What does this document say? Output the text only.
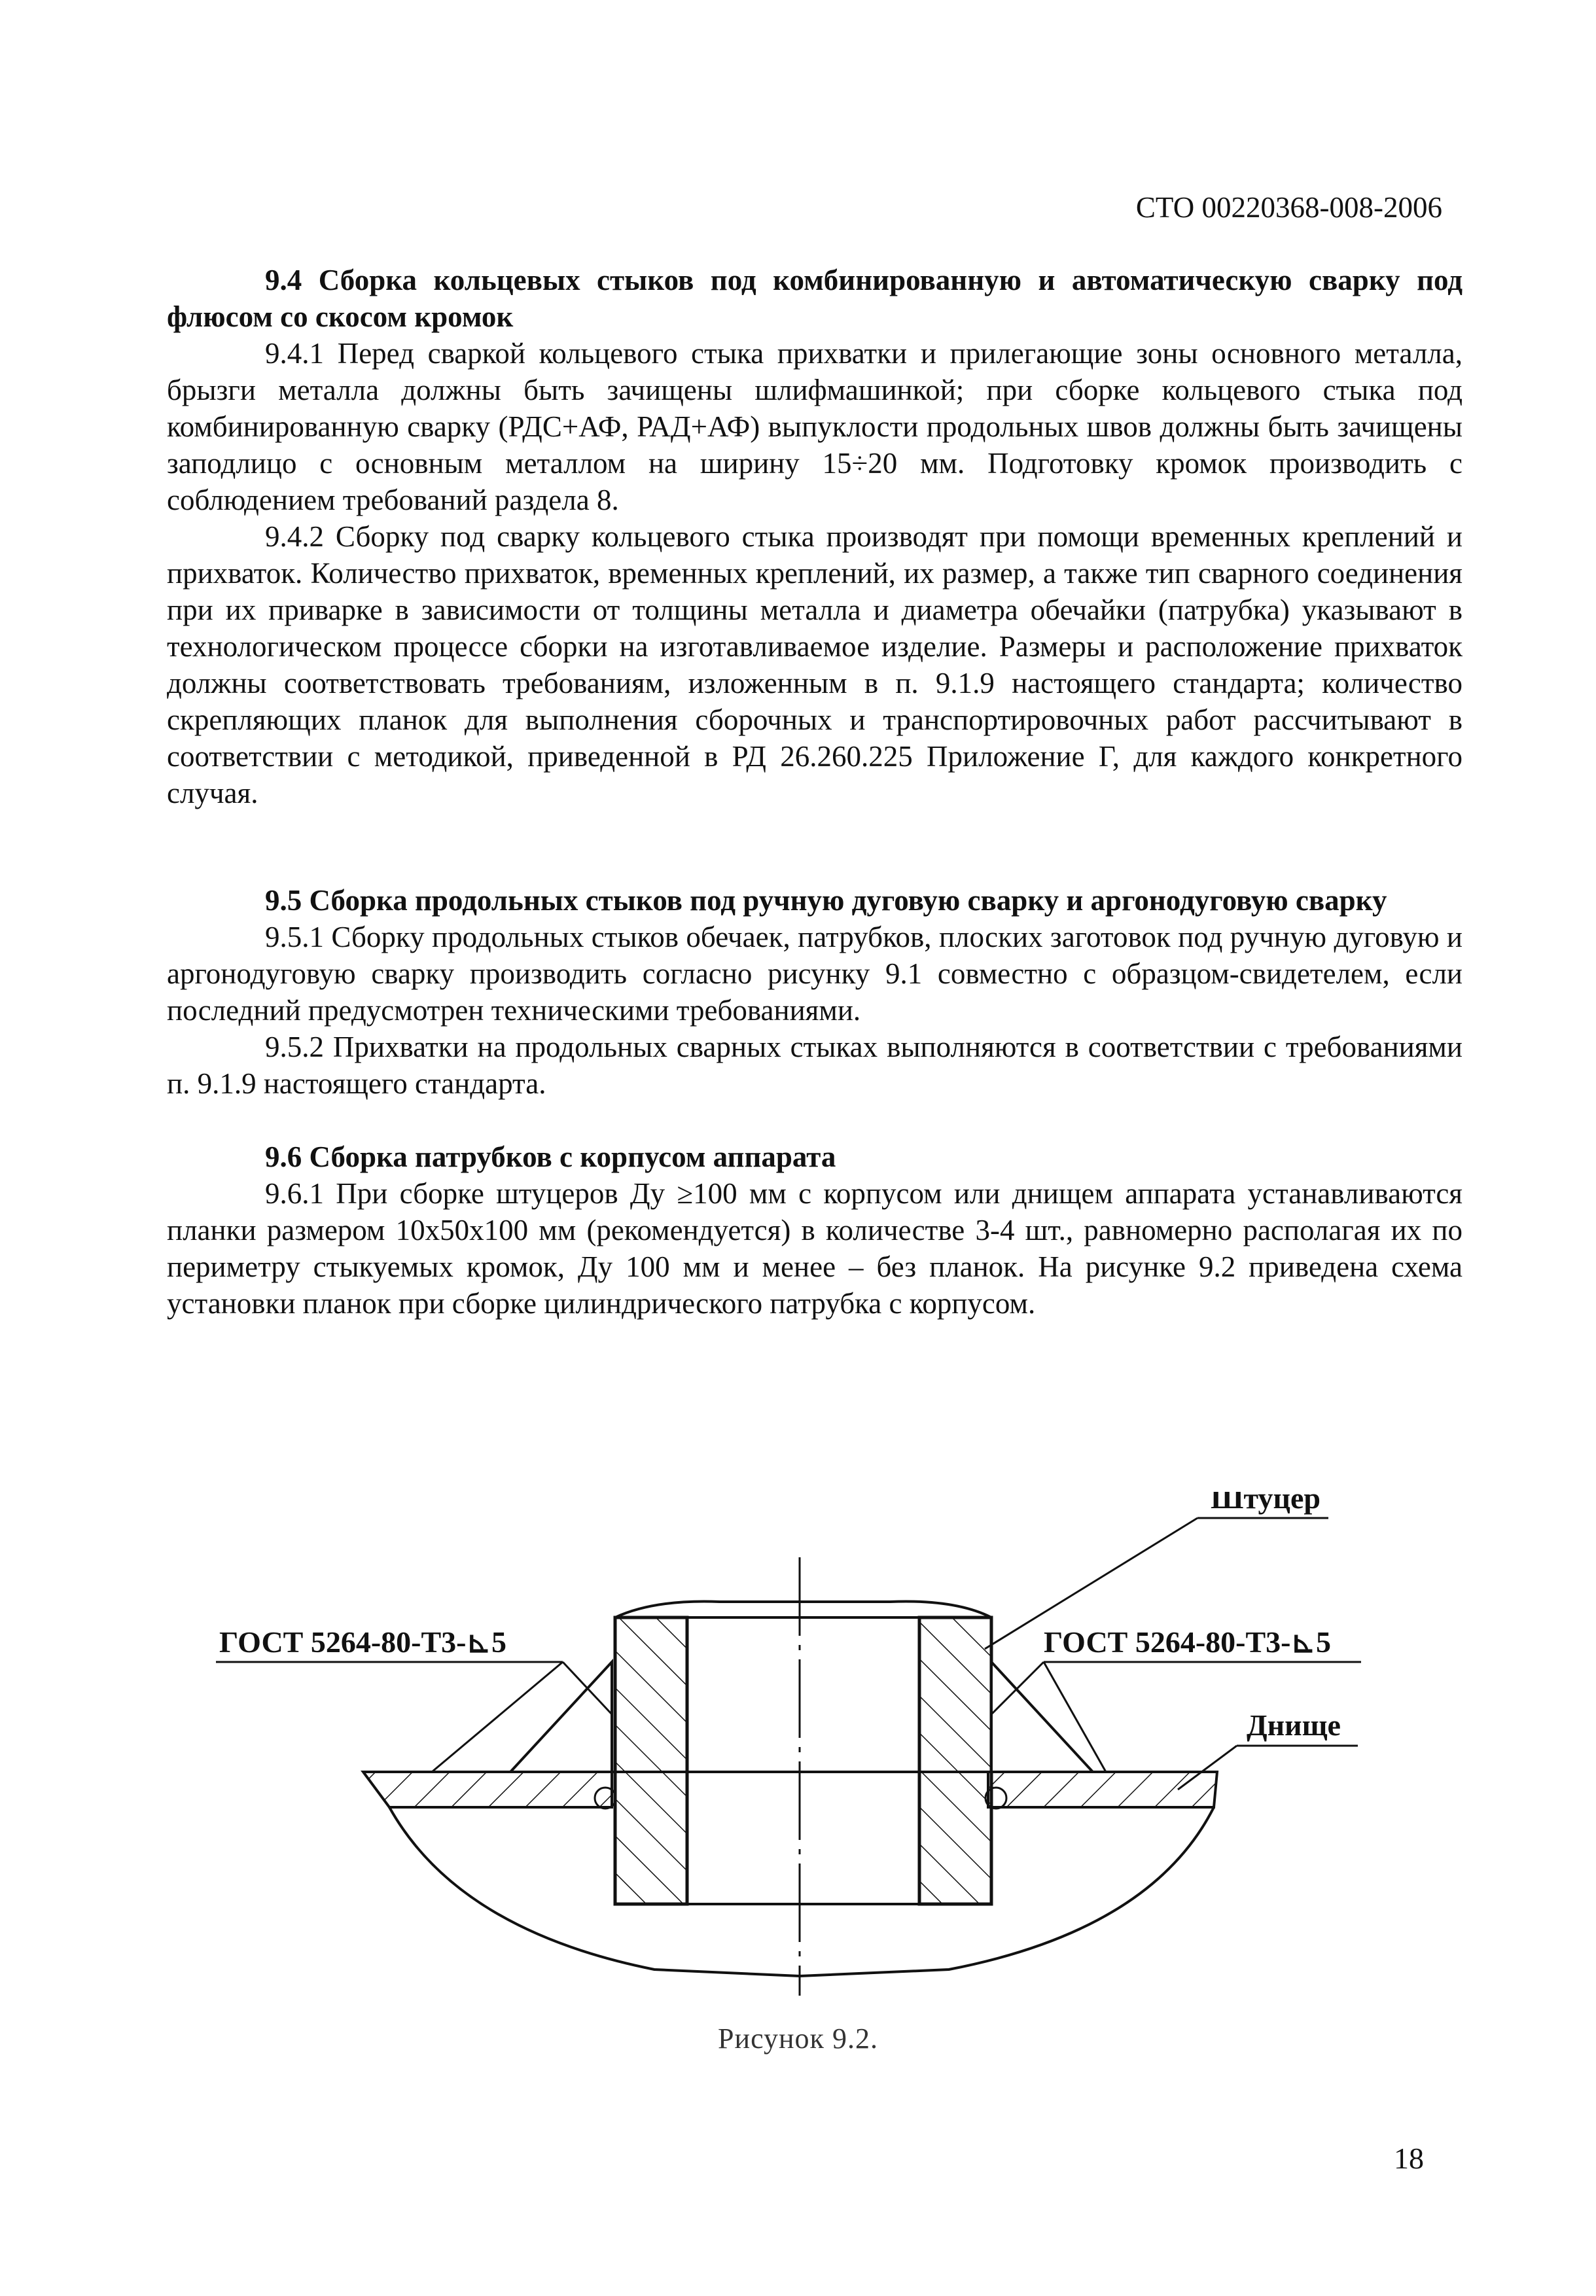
СТО 00220368-008-2006
9.4 Сборка кольцевых стыков под комбинированную и автоматическую сварку под флюсом со скосом кромок

9.4.1 Перед сваркой кольцевого стыка прихватки и прилегающие зоны основного металла, брызги металла должны быть зачищены шлифмашинкой; при сборке кольцевого стыка под комбинированную сварку (РДС+АФ, РАД+АФ) выпуклости продольных швов должны быть зачищены заподлицо с основным металлом на ширину 15÷20 мм. Подготовку кромок производить с соблюдением требований раздела 8.

9.4.2 Сборку под сварку кольцевого стыка производят при помощи временных креплений и прихваток. Количество прихваток, временных креплений, их размер, а также тип сварного соединения при их приварке в зависимости от толщины металла и диаметра обечайки (патрубка) указывают в технологическом процессе сборки на изготавливаемое изделие. Размеры и расположение прихваток должны соответствовать требованиям, изложенным в п. 9.1.9 настоящего стандарта; количество скрепляющих планок для выполнения сборочных и транспортировочных работ рассчитывают в соответствии с методикой, приведенной в РД 26.260.225 Приложение Г, для каждого конкретного случая.

9.5 Сборка продольных стыков под ручную дуговую сварку и аргонодуговую сварку

9.5.1 Сборку продольных стыков обечаек, патрубков, плоских заготовок под ручную дуговую и аргонодуговую сварку производить согласно рисунку 9.1 совместно с образцом-свидетелем, если последний предусмотрен техническими требованиями.

9.5.2 Прихватки на продольных сварных стыках выполняются в соответствии с требованиями п. 9.1.9 настоящего стандарта.

9.6 Сборка патрубков с корпусом аппарата

9.6.1 При сборке штуцеров Ду ≥100 мм с корпусом или днищем аппарата устанавливаются планки размером 10x50x100 мм (рекомендуется) в количестве 3-4 шт., равномерно располагая их по периметру стыкуемых кромок, Ду 100 мм и менее – без планок. На рисунке 9.2 приведена схема установки планок при сборке цилиндрического патрубка с корпусом.

Штуцер
ГОСТ 5264-80-Т3-⊾5	ГОСТ 5264-80-Т3-⊾5
Днище
Рисунок 9.2.
18
